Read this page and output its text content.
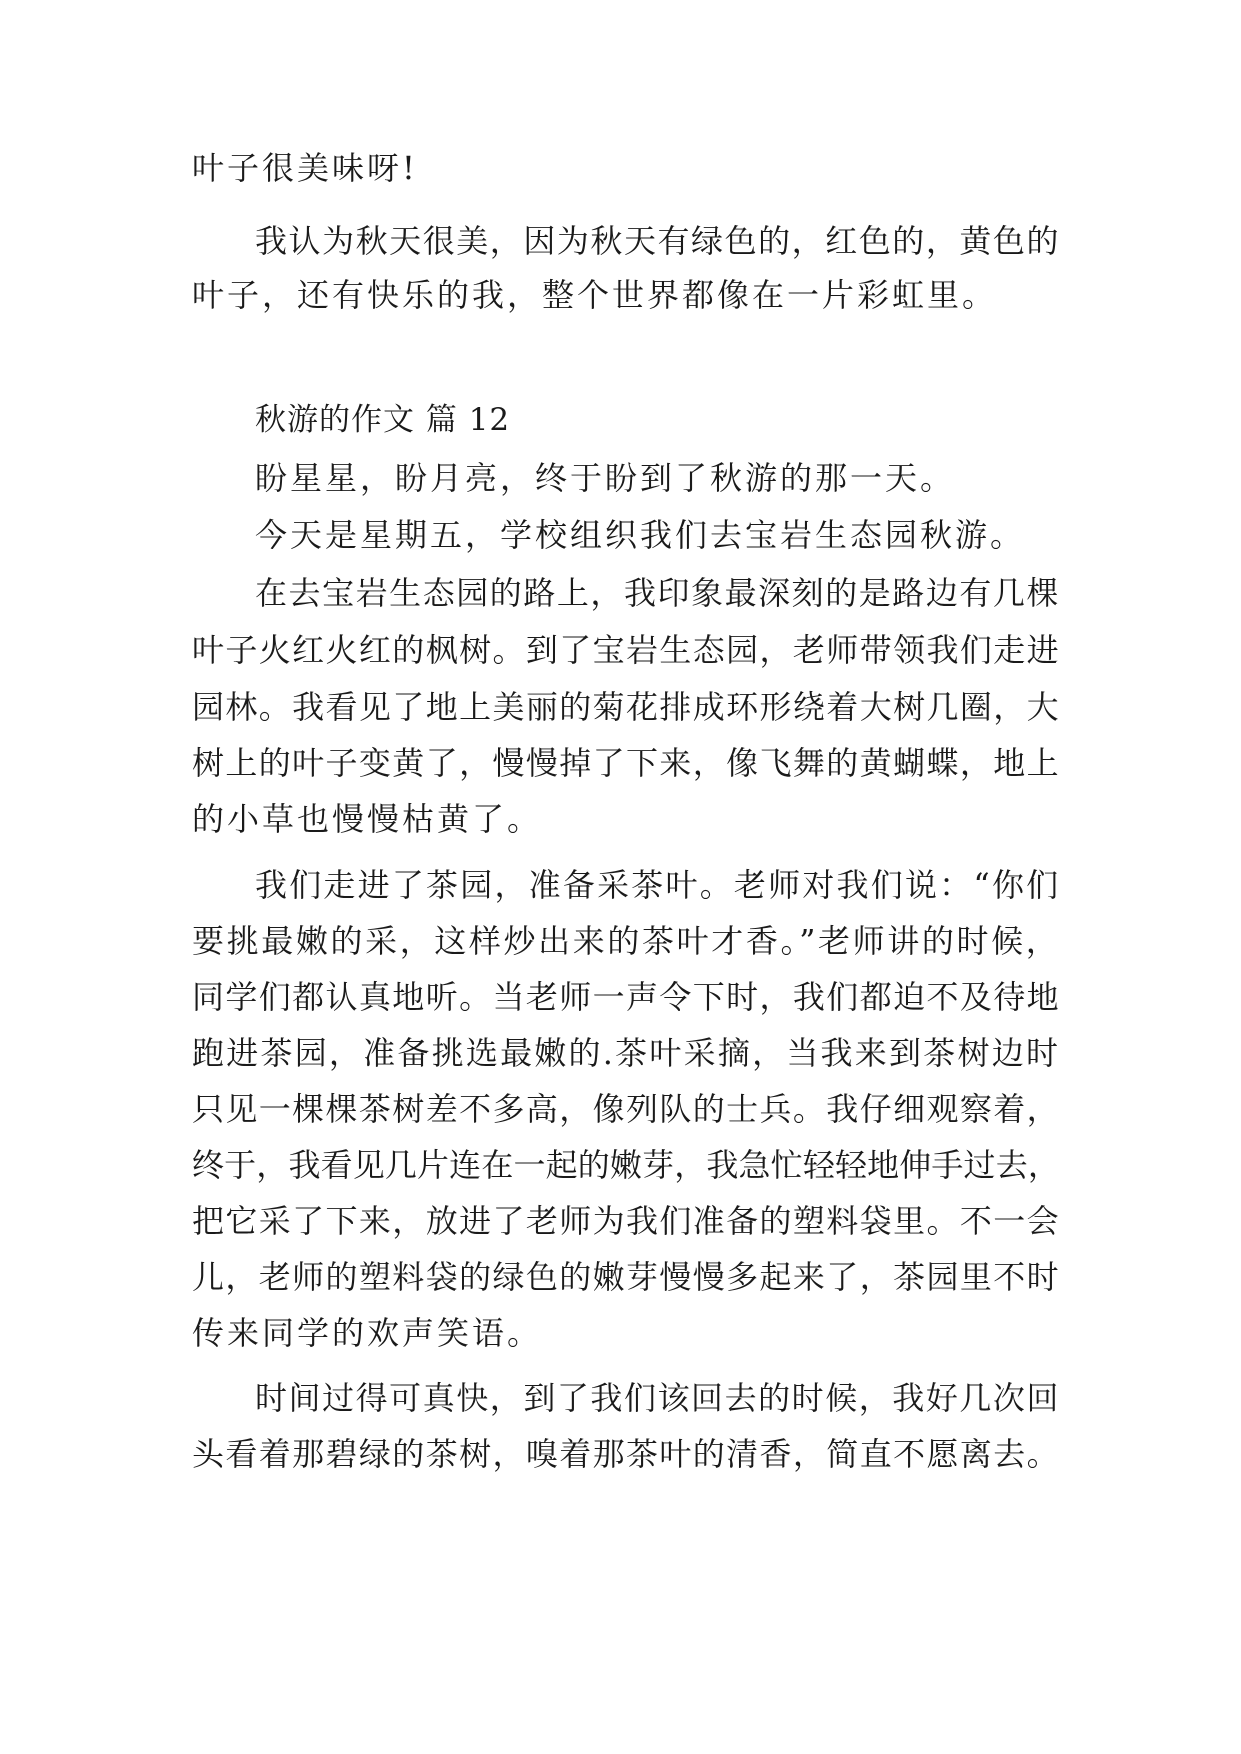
叶子很美味呀!
我认为秋天很美，因为秋天有绿色的，红色的，黄色的
叶子，还有快乐的我，整个世界都像在一片彩虹里。
秋游的作文 篇 12
盼星星，盼月亮，终于盼到了秋游的那一天。
今天是星期五，学校组织我们去宝岩生态园秋游。
在去宝岩生态园的路上，我印象最深刻的是路边有几棵
叶子火红火红的枫树。到了宝岩生态园，老师带领我们走进
园林。我看见了地上美丽的菊花排成环形绕着大树几圈，大
树上的叶子变黄了，慢慢掉了下来，像飞舞的黄蝴蝶，地上
的小草也慢慢枯黄了。
我们走进了茶园，准备采茶叶。老师对我们说：“你们
要挑最嫩的采，这样炒出来的茶叶才香。”老师讲的时候，
同学们都认真地听。当老师一声令下时，我们都迫不及待地
跑进茶园，准备挑选最嫩的.茶叶采摘，当我来到茶树边时
只见一棵棵茶树差不多高，像列队的士兵。我仔细观察着，
终于，我看见几片连在一起的嫩芽，我急忙轻轻地伸手过去，
把它采了下来，放进了老师为我们准备的塑料袋里。不一会
儿，老师的塑料袋的绿色的嫩芽慢慢多起来了，茶园里不时
传来同学的欢声笑语。
时间过得可真快，到了我们该回去的时候，我好几次回
头看着那碧绿的茶树，嗅着那茶叶的清香，简直不愿离去。
